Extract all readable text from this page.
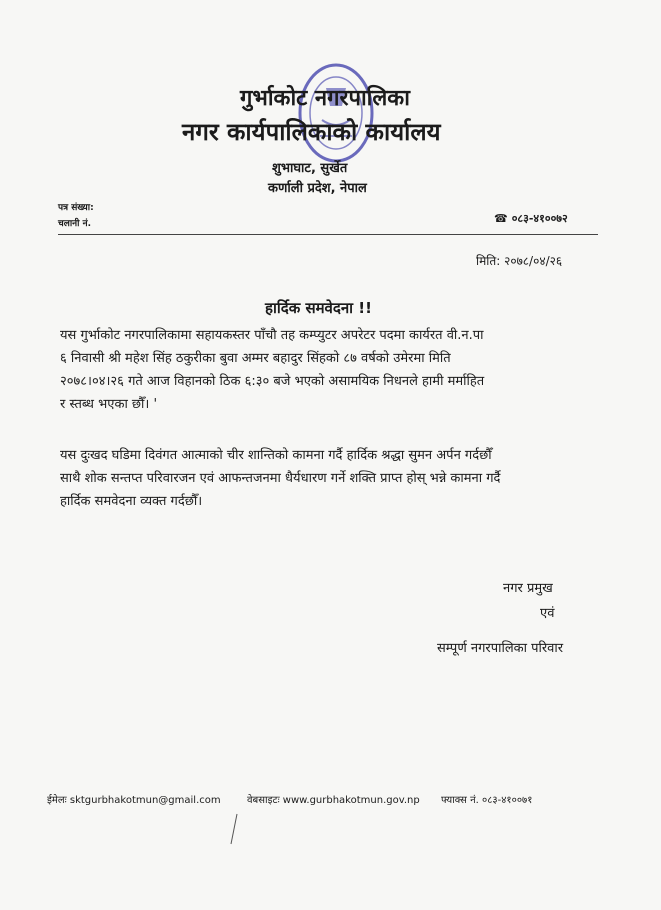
गुर्भाकोट नगरपालिका
नगर कार्यपालिकाको कार्यालय
शुभाघाट, सुर्खेत
कर्णाली प्रदेश, नेपाल
पत्र संख्या:
चलानी नं.	☎ ०८३-४१००७२
मिति: २०७८/०४/२६
हार्दिक समवेदना !!
यस गुर्भाकोट नगरपालिकामा सहायकस्तर पाँचौ तह कम्प्युटर अपरेटर पदमा कार्यरत वी.न.पा
६ निवासी श्री महेश सिंह ठकुरीका बुवा अम्मर बहादुर सिंहको ८७ वर्षको उमेरमा मिति
२०७८।०४।२६ गते आज विहानको ठिक ६:३० बजे भएको असामयिक निधनले हामी मर्माहित
र स्तब्ध भएका छौँ। '
यस दुःखद घडिमा दिवंगत आत्माको चीर शान्तिको कामना गर्दै हार्दिक श्रद्धा सुमन अर्पन गर्दछौँ
साथै शोक सन्तप्त परिवारजन एवं आफन्तजनमा धैर्यधारण गर्ने शक्ति प्राप्त होस् भन्ने कामना गर्दै
हार्दिक समवेदना व्यक्त गर्दछौँ।
नगर प्रमुख
एवं
सम्पूर्ण नगरपालिका परिवार
ईमेलः sktgurbhakotmun@gmail.com	वेबसाइटः www.gurbhakotmun.gov.np फ्याक्स नं. ०८३-४१००७१
